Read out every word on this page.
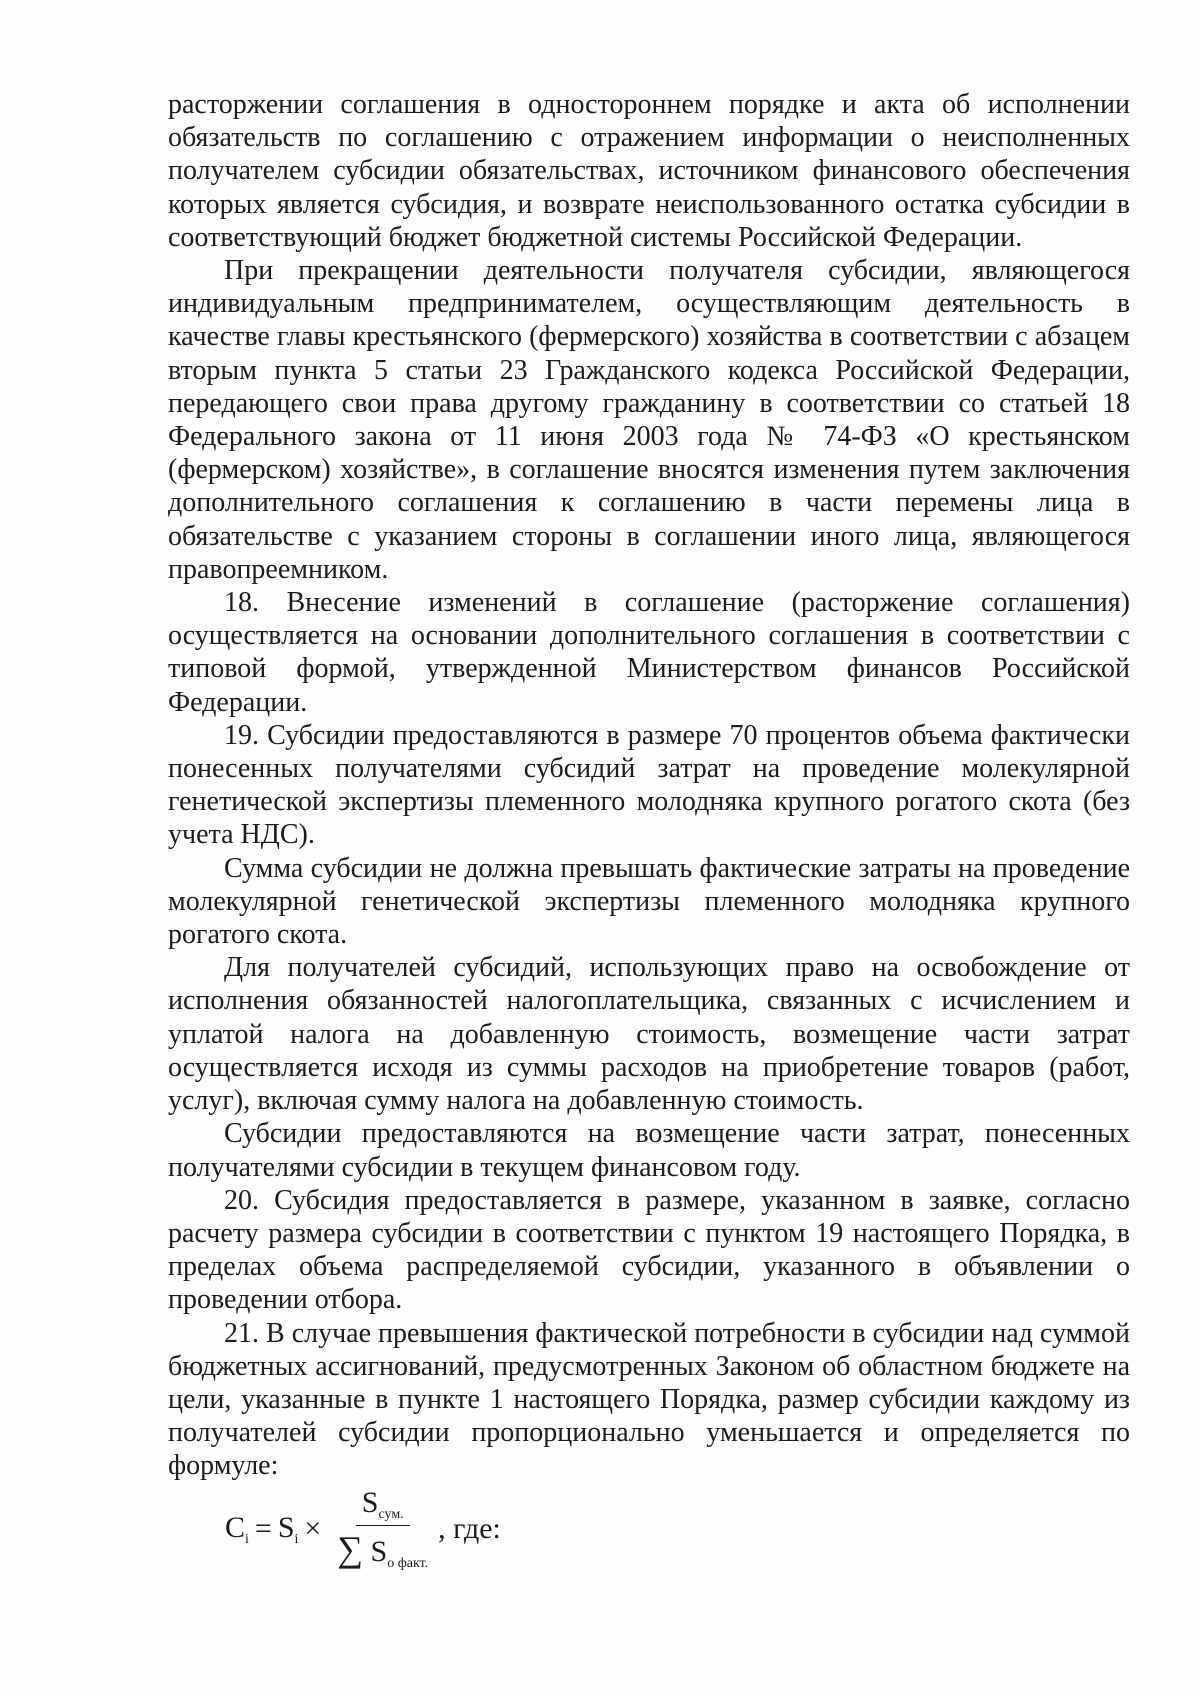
расторжении соглашения в одностороннем порядке и акта об исполнении обязательств по соглашению с отражением информации о неисполненных получателем субсидии обязательствах, источником финансового обеспечения которых является субсидия, и возврате неиспользованного остатка субсидии в соответствующий бюджет бюджетной системы Российской Федерации.

При прекращении деятельности получателя субсидии, являющегося индивидуальным предпринимателем, осуществляющим деятельность в качестве главы крестьянского (фермерского) хозяйства в соответствии с абзацем вторым пункта 5 статьи 23 Гражданского кодекса Российской Федерации, передающего свои права другому гражданину в соответствии со статьей 18 Федерального закона от 11 июня 2003 года № 74-ФЗ «О крестьянском (фермерском) хозяйстве», в соглашение вносятся изменения путем заключения дополнительного соглашения к соглашению в части перемены лица в обязательстве с указанием стороны в соглашении иного лица, являющегося правопреемником.

18. Внесение изменений в соглашение (расторжение соглашения) осуществляется на основании дополнительного соглашения в соответствии с типовой формой, утвержденной Министерством финансов Российской Федерации.

19. Субсидии предоставляются в размере 70 процентов объема фактически понесенных получателями субсидий затрат на проведение молекулярной генетической экспертизы племенного молодняка крупного рогатого скота (без учета НДС).

Сумма субсидии не должна превышать фактические затраты на проведение молекулярной генетической экспертизы племенного молодняка крупного рогатого скота.

Для получателей субсидий, использующих право на освобождение от исполнения обязанностей налогоплательщика, связанных с исчислением и уплатой налога на добавленную стоимость, возмещение части затрат осуществляется исходя из суммы расходов на приобретение товаров (работ, услуг), включая сумму налога на добавленную стоимость.

Субсидии предоставляются на возмещение части затрат, понесенных получателями субсидии в текущем финансовом году.

20. Субсидия предоставляется в размере, указанном в заявке, согласно расчету размера субсидии в соответствии с пунктом 19 настоящего Порядка, в пределах объема распределяемой субсидии, указанного в объявлении о проведении отбора.

21. В случае превышения фактической потребности в субсидии над суммой бюджетных ассигнований, предусмотренных Законом об областном бюджете на цели, указанные в пункте 1 настоящего Порядка, размер субсидии каждому из получателей субсидии пропорционально уменьшается и определяется по формуле:

$C_i = S_i \times \frac{S_{сум.}}{\sum S_{о факт.}}$ , где:
